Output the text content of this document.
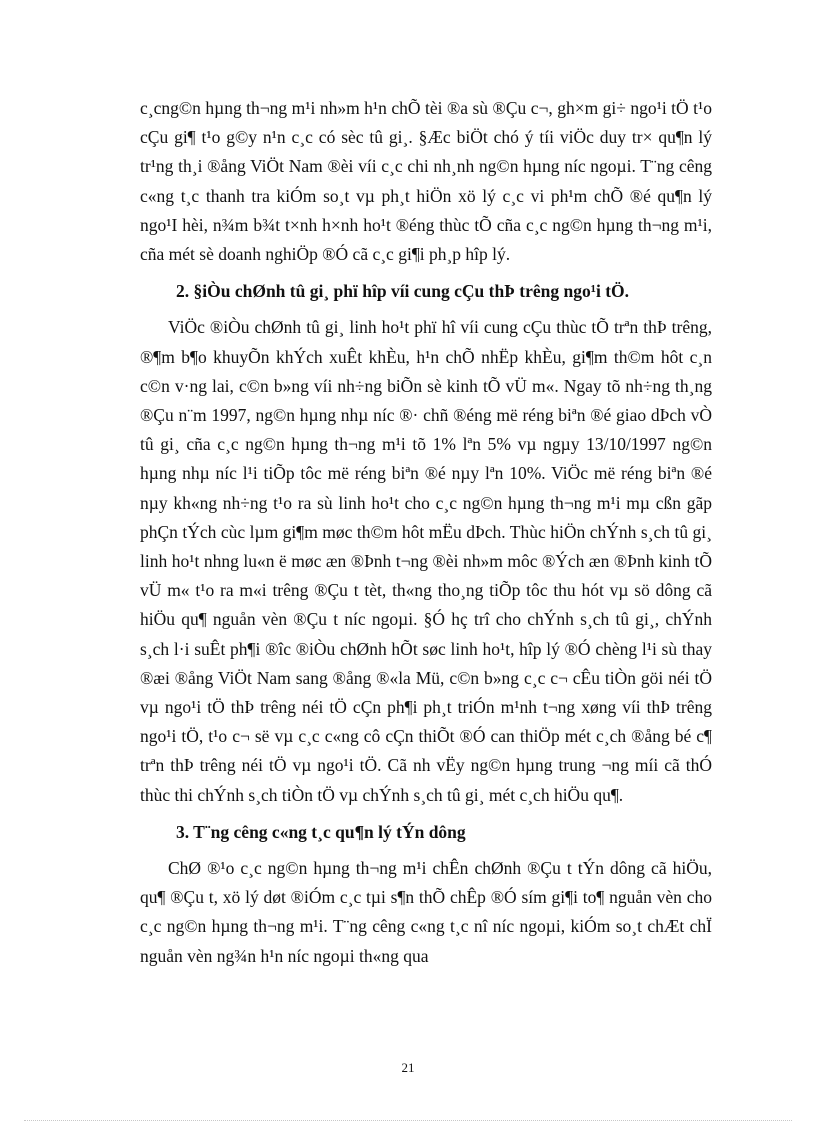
c¸cng©n hµng th¬ng m¹i nh»m h¹n chÕ tèi ®a sù ®Çu c¬, gh×m gi÷ ngo¹i tÖ t¹o cÇu gi¶ t¹o g©y n¹n c¸c có sèc tû gi¸. §Æc biÖt chó ý tíi viÖc duy tr× qu¶n lý tr¹ng th¸i ®ång ViÖt Nam ®èi víi c¸c chi nh¸nh ng©n hµng níc ngoµi. T¨ng cêng c«ng t¸c thanh tra kiÓm so¸t vµ ph¸t hiÖn xö lý c¸c vi ph¹m chÕ ®é qu¶n lý ngo¹I hèi, n¾m b¾t t×nh h×nh ho¹t ®éng thùc tÕ cña c¸c ng©n hµng th¬ng m¹i, cña mét sè doanh nghiÖp ®Ó cã c¸c gi¶i ph¸p hîp lý.

2. §iÒu chØnh tû gi¸ phï hîp víi cung cÇu thÞ trêng ngo¹i tÖ.

ViÖc ®iÒu chØnh tû gi¸ linh ho¹t phï hî víi cung cÇu thùc tÕ trªn thÞ trêng, ®¶m b¶o khuyÕn khÝch xuÊt khÈu, h¹n chÕ nhËp khÈu, gi¶m th©m hôt c¸n c©n v·ng lai, c©n b»ng víi nh÷ng biÕn sè kinh tÕ vÜ m«. Ngay tõ nh÷ng th¸ng ®Çu n¨m 1997, ng©n hµng nhµ níc ®· chñ ®éng më réng biªn ®é giao dÞch vÒ tû gi¸ cña c¸c ng©n hµng th¬ng m¹i tõ 1% lªn 5% vµ ngµy 13/10/1997 ng©n hµng nhµ níc l¹i tiÕp tôc më réng biªn ®é nµy lªn 10%. ViÖc më réng biªn ®é nµy kh«ng nh÷ng t¹o ra sù linh ho¹t cho c¸c ng©n hµng th¬ng m¹i mµ cßn gãp phÇn tÝch cùc lµm gi¶m møc th©m hôt mËu dÞch. Thùc hiÖn chÝnh s¸ch tû gi¸ linh ho¹t nhng lu«n ë møc æn ®Þnh t¬ng ®èi nh»m môc ®Ých æn ®Þnh kinh tÕ vÜ m« t¹o ra m«i trêng ®Çu t tèt, th«ng tho¸ng tiÕp tôc thu hót vµ sö dông cã hiÖu qu¶ nguån vèn ®Çu t níc ngoµi. §Ó hç trî cho chÝnh s¸ch tû gi¸, chÝnh s¸ch l·i suÊt ph¶i ®îc ®iÒu chØnh hÕt søc linh ho¹t, hîp lý ®Ó chèng l¹i sù thay ®æi ®ång ViÖt Nam sang ®ång ®«la Mü, c©n b»ng c¸c c¬ cÊu tiÒn göi néi tÖ vµ ngo¹i tÖ thÞ trêng néi tÖ cÇn ph¶i ph¸t triÓn m¹nh t¬ng xøng víi thÞ trêng ngo¹i tÖ, t¹o c¬ së vµ c¸c c«ng cô cÇn thiÕt ®Ó can thiÖp mét c¸ch ®ång bé c¶ trªn thÞ trêng néi tÖ vµ ngo¹i tÖ. Cã nh vËy ng©n hµng trung ¬ng míi cã thÓ thùc thi chÝnh s¸ch tiÒn tÖ vµ chÝnh s¸ch tû gi¸ mét c¸ch hiÖu qu¶.

3. T¨ng cêng c«ng t¸c qu¶n lý tÝn dông

ChØ ®¹o c¸c ng©n hµng th¬ng m¹i chÊn chØnh ®Çu t tÝn dông cã hiÖu, qu¶ ®Çu t, xö lý døt ®iÓm c¸c tµi s¶n thÕ chÊp ®Ó sím gi¶i to¶ nguån vèn cho c¸c ng©n hµng th¬ng m¹i. T¨ng cêng c«ng t¸c nî níc ngoµi, kiÓm so¸t chÆt chÏ nguån vèn ng¾n h¹n níc ngoµi th«ng qua

21
